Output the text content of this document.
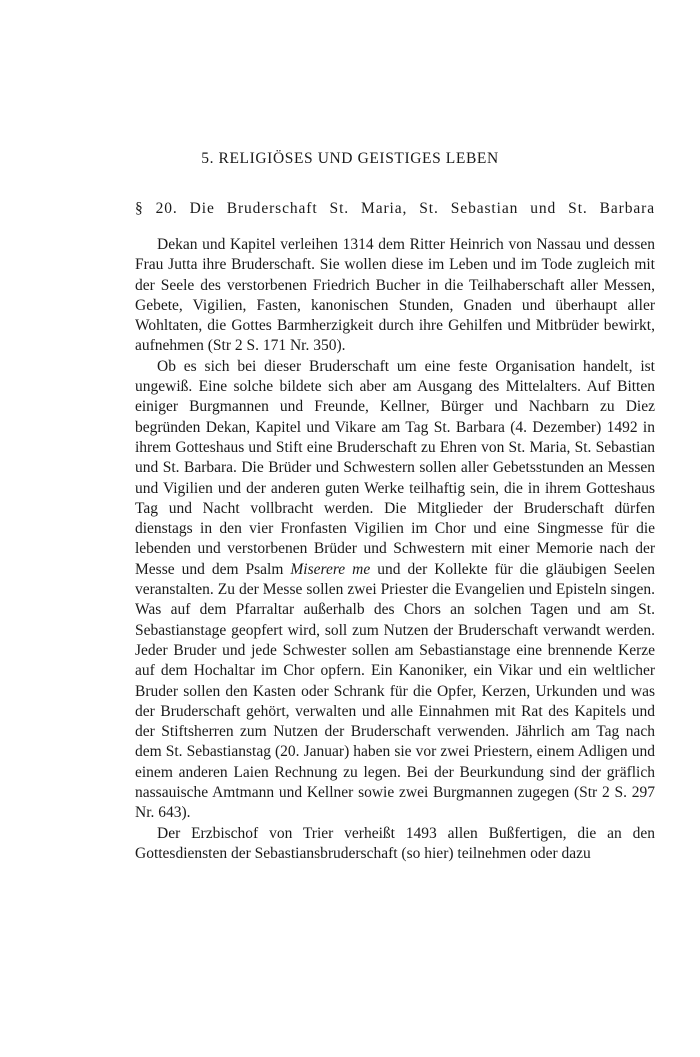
5. RELIGIÖSES UND GEISTIGES LEBEN
§ 20. Die Bruderschaft St. Maria, St. Sebastian und St. Barbara

Dekan und Kapitel verleihen 1314 dem Ritter Heinrich von Nassau und dessen Frau Jutta ihre Bruderschaft. Sie wollen diese im Leben und im Tode zugleich mit der Seele des verstorbenen Friedrich Bucher in die Teilhaberschaft aller Messen, Gebete, Vigilien, Fasten, kanonischen Stunden, Gnaden und überhaupt aller Wohltaten, die Gottes Barmherzigkeit durch ihre Gehilfen und Mitbrüder bewirkt, aufnehmen (Str 2 S. 171 Nr. 350).

Ob es sich bei dieser Bruderschaft um eine feste Organisation handelt, ist ungewiß. Eine solche bildete sich aber am Ausgang des Mittelalters. Auf Bitten einiger Burgmannen und Freunde, Kellner, Bürger und Nachbarn zu Diez begründen Dekan, Kapitel und Vikare am Tag St. Barbara (4. Dezember) 1492 in ihrem Gotteshaus und Stift eine Bruderschaft zu Ehren von St. Maria, St. Sebastian und St. Barbara. Die Brüder und Schwestern sollen aller Gebetsstunden an Messen und Vigilien und der anderen guten Werke teilhaftig sein, die in ihrem Gotteshaus Tag und Nacht vollbracht werden. Die Mitglieder der Bruderschaft dürfen dienstags in den vier Fronfasten Vigilien im Chor und eine Singmesse für die lebenden und verstorbenen Brüder und Schwestern mit einer Memorie nach der Messe und dem Psalm Miserere me und der Kollekte für die gläubigen Seelen veranstalten. Zu der Messe sollen zwei Priester die Evangelien und Episteln singen. Was auf dem Pfarraltar außerhalb des Chors an solchen Tagen und am St. Sebastianstage geopfert wird, soll zum Nutzen der Bruderschaft verwandt werden. Jeder Bruder und jede Schwester sollen am Sebastianstage eine brennende Kerze auf dem Hochaltar im Chor opfern. Ein Kanoniker, ein Vikar und ein weltlicher Bruder sollen den Kasten oder Schrank für die Opfer, Kerzen, Urkunden und was der Bruderschaft gehört, verwalten und alle Einnahmen mit Rat des Kapitels und der Stiftsherren zum Nutzen der Bruderschaft verwenden. Jährlich am Tag nach dem St. Sebastianstag (20. Januar) haben sie vor zwei Priestern, einem Adligen und einem anderen Laien Rechnung zu legen. Bei der Beurkundung sind der gräflich nassauische Amtmann und Kellner sowie zwei Burgmannen zugegen (Str 2 S. 297 Nr. 643).

Der Erzbischof von Trier verheißt 1493 allen Bußfertigen, die an den Gottesdiensten der Sebastiansbruderschaft (so hier) teilnehmen oder dazu
